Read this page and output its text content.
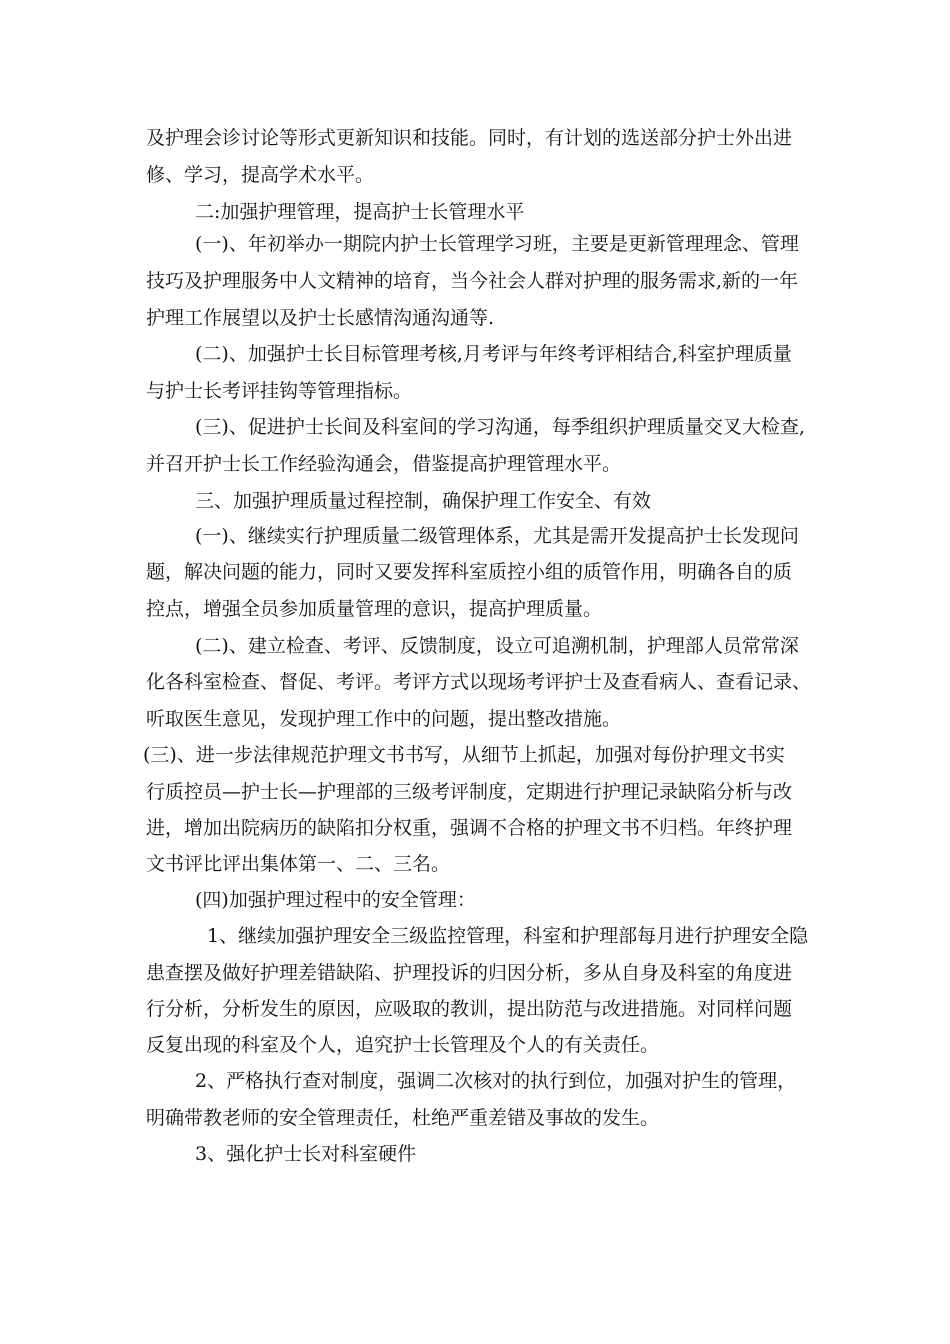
及护理会诊讨论等形式更新知识和技能。同时，有计划的选送部分护士外出进
修、学习，提高学术水平。
二:加强护理管理，提高护士长管理水平
(一)、年初举办一期院内护士长管理学习班，主要是更新管理理念、管理
技巧及护理服务中人文精神的培育，当今社会人群对护理的服务需求,新的一年
护理工作展望以及护士长感情沟通沟通等.
(二)、加强护士长目标管理考核,月考评与年终考评相结合,科室护理质量
与护士长考评挂钩等管理指标。
(三)、促进护士长间及科室间的学习沟通，每季组织护理质量交叉大检查,
并召开护士长工作经验沟通会，借鉴提高护理管理水平。
三、加强护理质量过程控制，确保护理工作安全、有效
(一)、继续实行护理质量二级管理体系，尤其是需开发提高护士长发现问
题，解决问题的能力，同时又要发挥科室质控小组的质管作用，明确各自的质
控点，增强全员参加质量管理的意识，提高护理质量。
(二)、建立检查、考评、反馈制度，设立可追溯机制，护理部人员常常深
化各科室检查、督促、考评。考评方式以现场考评护士及查看病人、查看记录、
听取医生意见，发现护理工作中的问题，提出整改措施。
(三)、进一步法律规范护理文书书写，从细节上抓起，加强对每份护理文书实
行质控员—护士长—护理部的三级考评制度，定期进行护理记录缺陷分析与改
进，增加出院病历的缺陷扣分权重，强调不合格的护理文书不归档。年终护理
文书评比评出集体第一、二、三名。
(四)加强护理过程中的安全管理：
1、继续加强护理安全三级监控管理，科室和护理部每月进行护理安全隐
患查摆及做好护理差错缺陷、护理投诉的归因分析，多从自身及科室的角度进
行分析，分析发生的原因，应吸取的教训，提出防范与改进措施。对同样问题
反复出现的科室及个人，追究护士长管理及个人的有关责任。
2、严格执行查对制度，强调二次核对的执行到位，加强对护生的管理，
明确带教老师的安全管理责任，杜绝严重差错及事故的发生。
3、强化护士长对科室硬件
